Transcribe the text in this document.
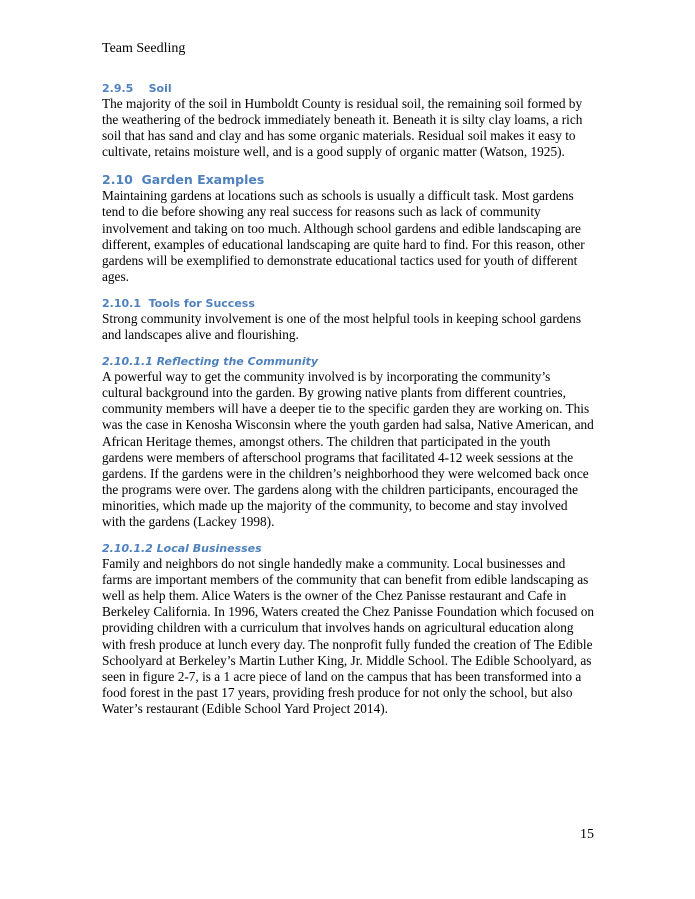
Team Seedling
2.9.5    Soil

The majority of the soil in Humboldt County is residual soil, the remaining soil formed by the weathering of the bedrock immediately beneath it. Beneath it is silty clay loams, a rich soil that has sand and clay and has some organic materials. Residual soil makes it easy to cultivate, retains moisture well, and is a good supply of organic matter (Watson, 1925).

2.10  Garden Examples

Maintaining gardens at locations such as schools is usually a difficult task. Most gardens tend to die before showing any real success for reasons such as lack of community involvement and taking on too much. Although school gardens and edible landscaping are different, examples of educational landscaping are quite hard to find. For this reason, other gardens will be exemplified to demonstrate educational tactics used for youth of different ages.

2.10.1  Tools for Success

Strong community involvement is one of the most helpful tools in keeping school gardens and landscapes alive and flourishing.

2.10.1.1 Reflecting the Community

A powerful way to get the community involved is by incorporating the community’s cultural background into the garden. By growing native plants from different countries, community members will have a deeper tie to the specific garden they are working on. This was the case in Kenosha Wisconsin where the youth garden had salsa, Native American, and African Heritage themes, amongst others. The children that participated in the youth gardens were members of afterschool programs that facilitated 4-12 week sessions at the gardens. If the gardens were in the children’s neighborhood they were welcomed back once the programs were over. The gardens along with the children participants, encouraged the minorities, which made up the majority of the community, to become and stay involved with the gardens (Lackey 1998).

2.10.1.2 Local Businesses

Family and neighbors do not single handedly make a community. Local businesses and farms are important members of the community that can benefit from edible landscaping as well as help them. Alice Waters is the owner of the Chez Panisse restaurant and Cafe in Berkeley California. In 1996, Waters created the Chez Panisse Foundation which focused on providing children with a curriculum that involves hands on agricultural education along with fresh produce at lunch every day. The nonprofit fully funded the creation of The Edible Schoolyard at Berkeley’s Martin Luther King, Jr. Middle School. The Edible Schoolyard, as seen in figure 2-7, is a 1 acre piece of land on the campus that has been transformed into a food forest in the past 17 years, providing fresh produce for not only the school, but also Water’s restaurant (Edible School Yard Project 2014).

15
